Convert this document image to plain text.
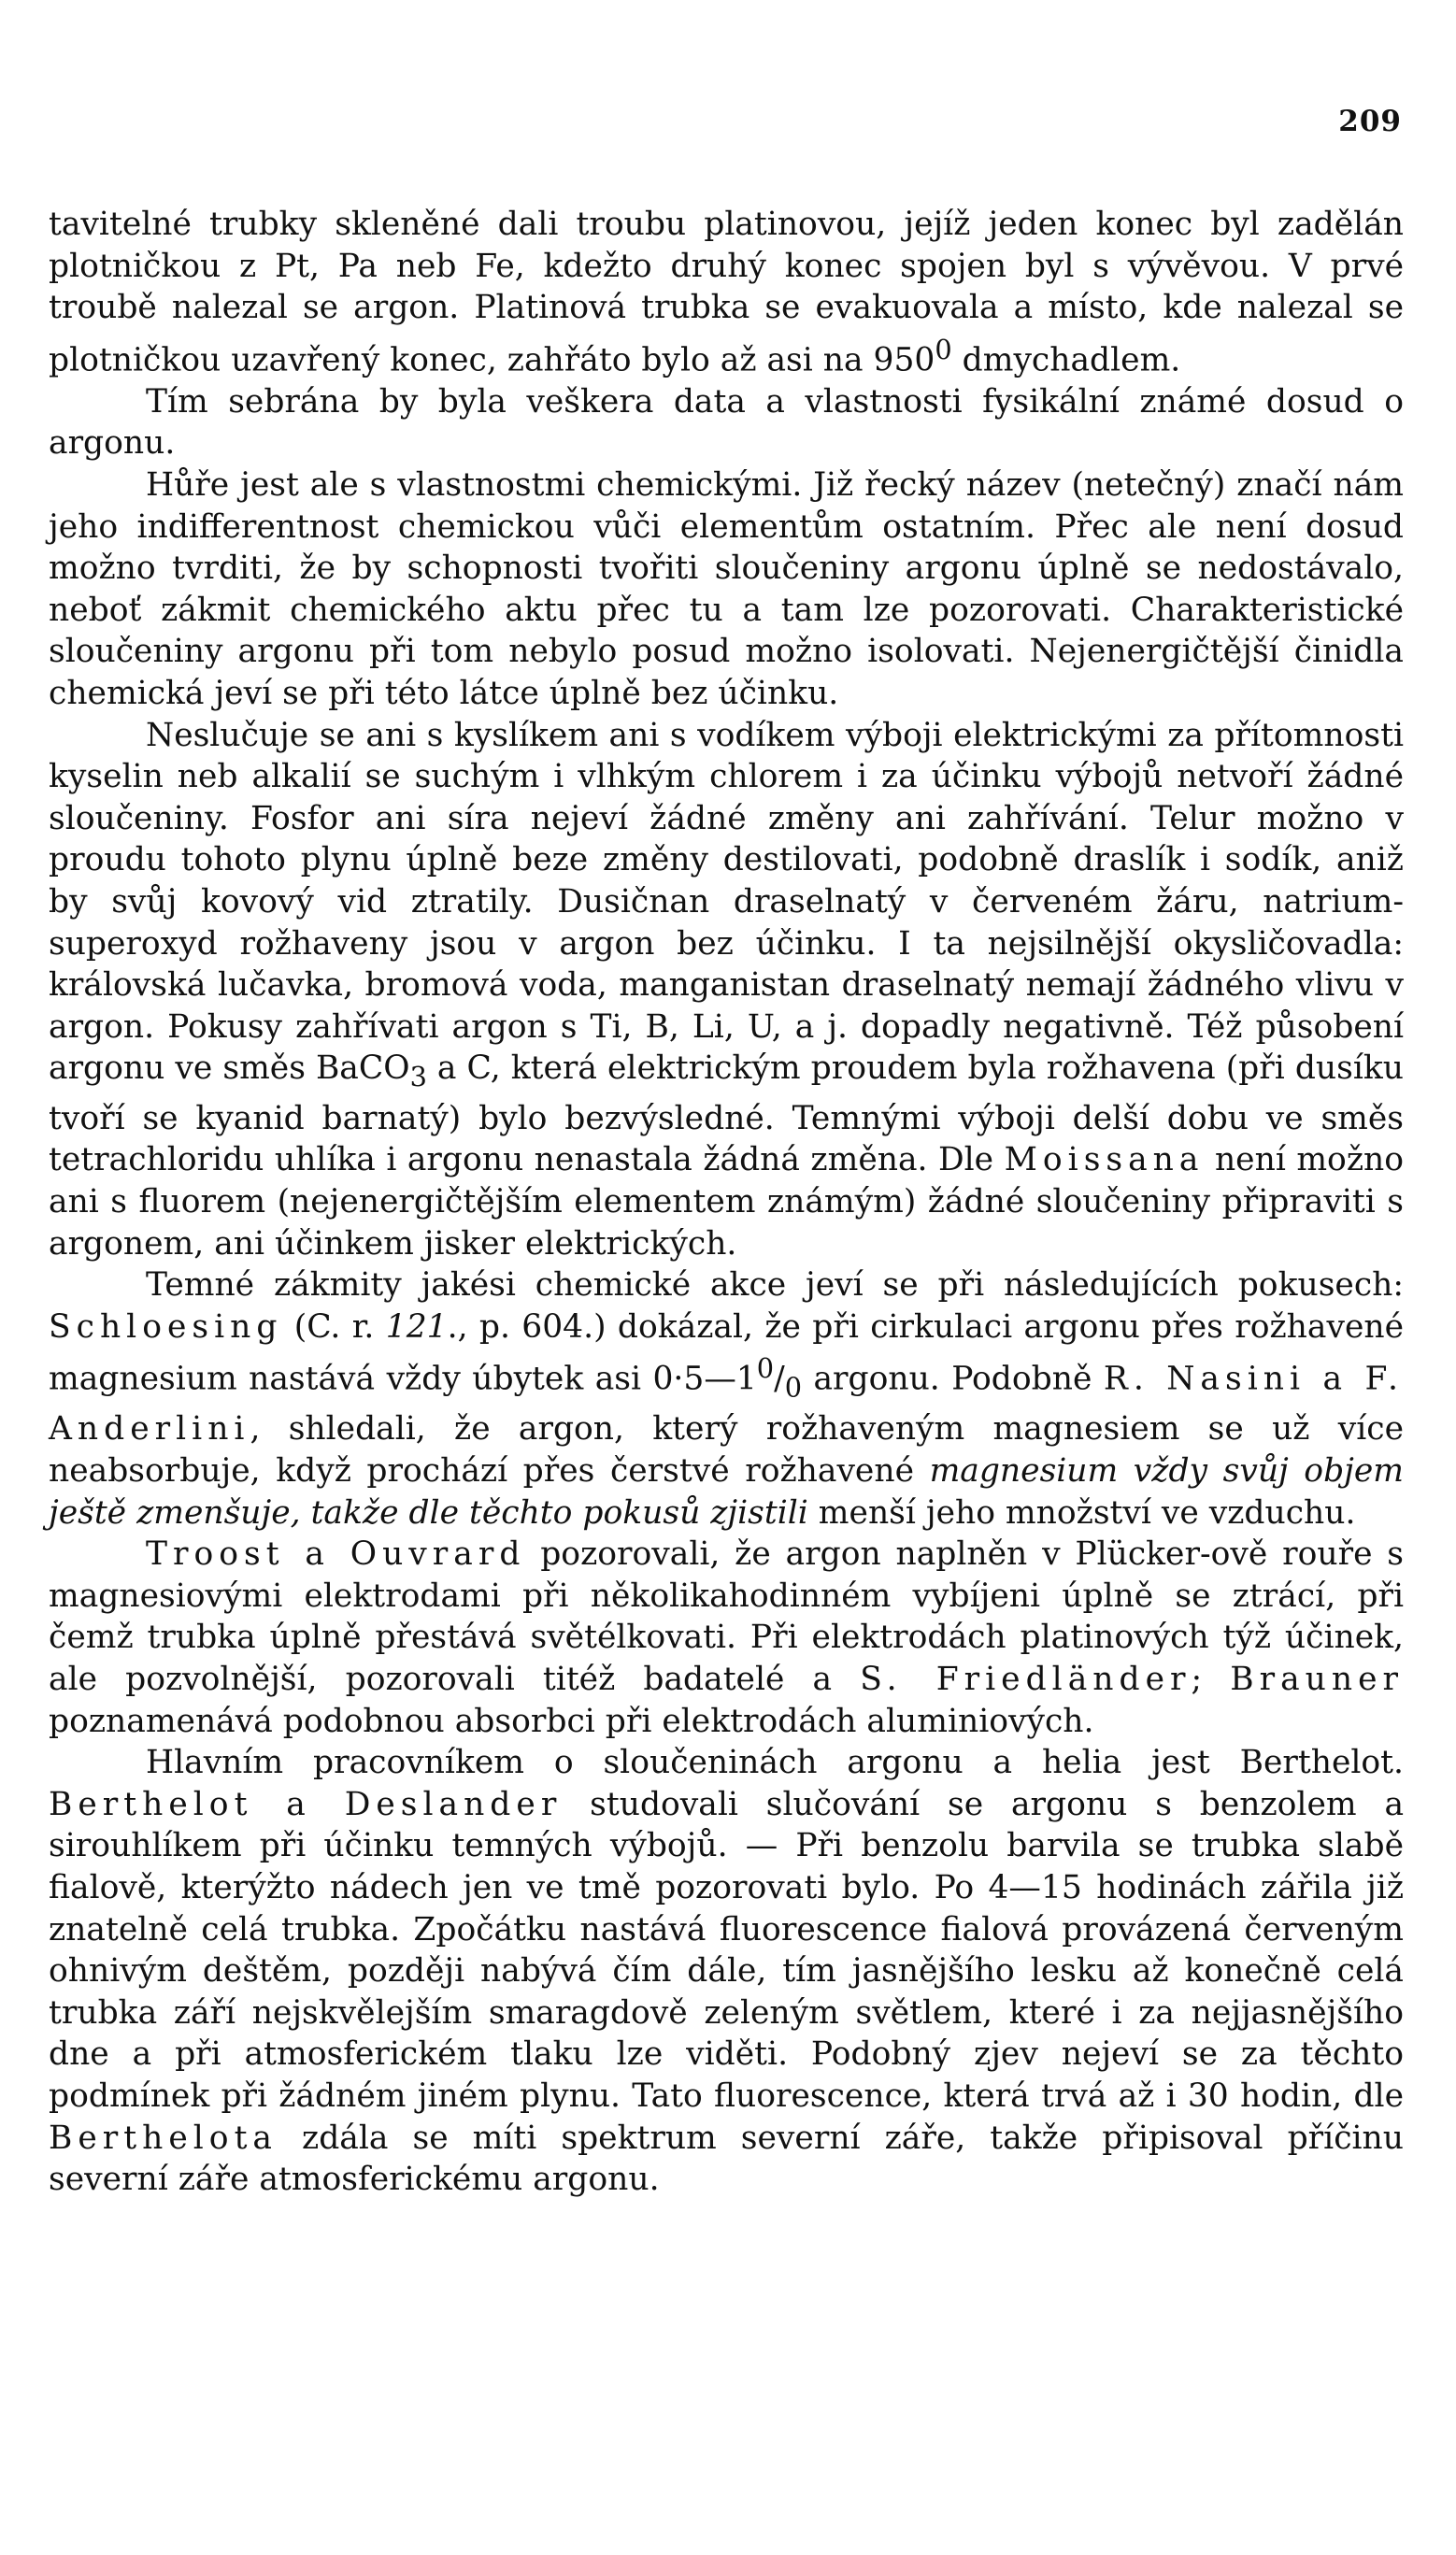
209

tavitelné trubky skleněné dali troubu platinovou, jejíž jeden konec byl zadělán plotničkou z Pt, Pa neb Fe, kdežto druhý konec spojen byl s vývěvou. V prvé troubě nalezal se argon. Platinová trubka se evakuovala a místo, kde nalezal se plotničkou uzavřený konec, zahřáto bylo až asi na $950^0$ dmychadlem.

Tím sebrána by byla veškera data a vlastnosti fysikální známé dosud o argonu.

Hůře jest ale s vlastnostmi chemickými. Již řecký název (netečný) značí nám jeho indifferentnost chemickou vůči elementům ostatním. Přec ale není dosud možno tvrditi, že by schopnosti tvořiti sloučeniny argonu úplně se nedostávalo, neboť zákmit chemického aktu přec tu a tam lze pozorovati. Charakteristické sloučeniny argonu při tom nebylo posud možno isolovati. Nejenergičtější činidla chemická jeví se při této látce úplně bez účinku.

Neslučuje se ani s kyslíkem ani s vodíkem výboji elektrickými za přítomnosti kyselin neb alkalií se suchým i vlhkým chlorem i za účinku výbojů netvoří žádné sloučeniny. Fosfor ani síra nejeví žádné změny ani zahřívání. Telur možno v proudu tohoto plynu úplně beze změny destilovati, podobně draslík i sodík, aniž by svůj kovový vid ztratily. Dusičnan draselnatý v červeném žáru, natrium-superoxyd rožhaveny jsou v argon bez účinku. I ta nejsilnější okysličovadla: královská lučavka, bromová voda, manganistan draselnatý nemají žádného vlivu v argon. Pokusy zahřívati argon s Ti, B, Li, U, a j. dopadly negativně. Též působení argonu ve směs BaCO$_3$ a C, která elektrickým proudem byla rožhavena (při dusíku tvoří se kyanid barnatý) bylo bezvýsledné. Temnými výboji delší dobu ve směs tetrachloridu uhlíka i argonu nenastala žádná změna. Dle Moissana není možno ani s fluorem (nejenergičtějším elementem známým) žádné sloučeniny připraviti s argonem, ani účinkem jisker elektrických.

Temné zákmity jakési chemické akce jeví se při následujících pokusech: Schloesing (C. r. 121., p. 604.) dokázal, že při cirkulaci argonu přes rožhavené magnesium nastává vždy úbytek asi $0\cdot 5—1^0/_0$ argonu. Podobně R. Nasini a F. Anderlini, shledali, že argon, který rožhaveným magnesiem se už více neabsorbuje, když prochází přes čerstvé rožhavené magnesium vždy svůj objem ještě zmenšuje, takže dle těchto pokusů zjistili menší jeho množství ve vzduchu.

Troost a Ouvrard pozorovali, že argon naplněn v Plücker-ově rouře s magnesiovými elektrodami při několikahodinném vybíjeni úplně se ztrácí, při čemž trubka úplně přestává světélkovati. Při elektrodách platinových týž účinek, ale pozvolnější, pozorovali titéž badatelé a S. Friedländer; Brauner poznamenává podobnou absorbci při elektrodách aluminiových.

Hlavním pracovníkem o sloučeninách argonu a helia jest Berthelot. Berthelot a Deslander studovali slučování se argonu s benzolem a sirouhlíkem při účinku temných výbojů. — Při benzolu barvila se trubka slabě fialově, kterýžto nádech jen ve tmě pozorovati bylo. Po 4—15 hodinách zářila již znatelně celá trubka. Zpočátku nastává fluorescence fialová provázená červeným ohnivým deštěm, později nabývá čím dále, tím jasnějšího lesku až konečně celá trubka září nejskvělejším smaragdově zeleným světlem, které i za nejjasnějšího dne a při atmosferickém tlaku lze viděti. Podobný zjev nejeví se za těchto podmínek při žádném jiném plynu. Tato fluorescence, která trvá až i 30 hodin, dle Berthelota zdála se míti spektrum severní záře, takže připisoval příčinu severní záře atmosferickému argonu.
